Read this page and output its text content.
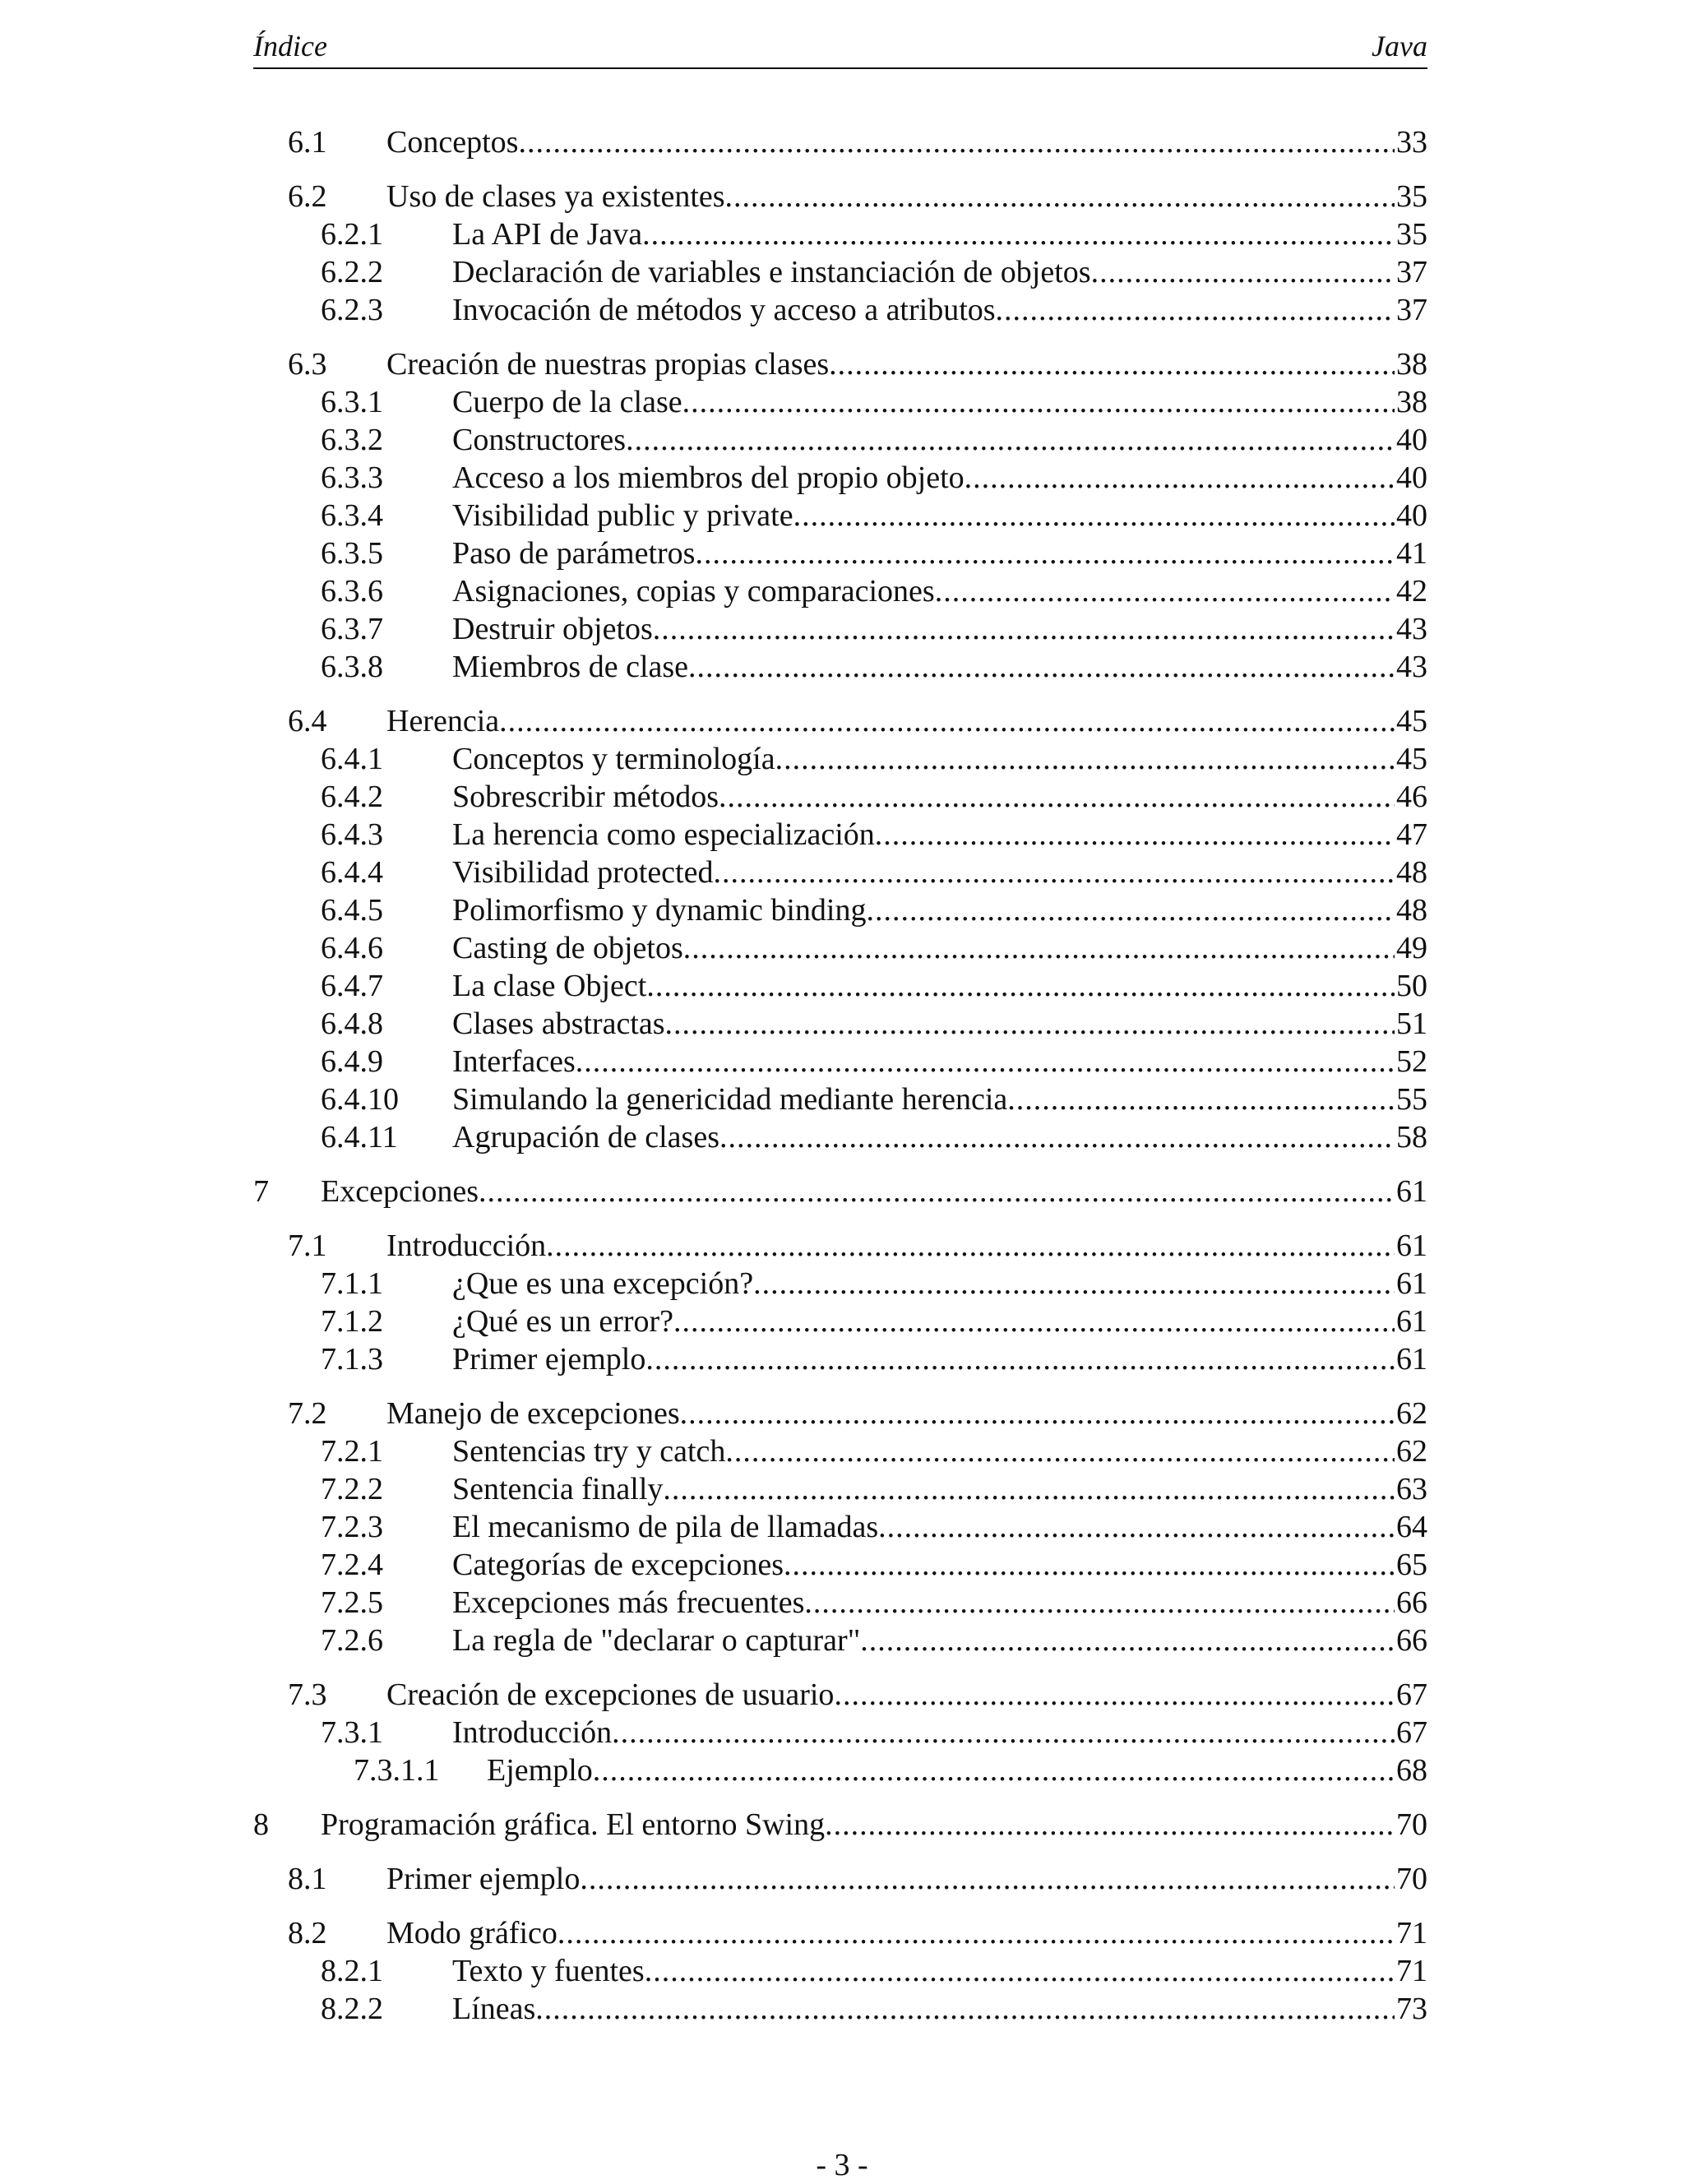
Índice	Java
6.1 Conceptos .....	33
6.2 Uso de clases ya existentes .....	35
6.2.1 La API de Java .....	35
6.2.2 Declaración de variables e instanciación de objetos .....	37
6.2.3 Invocación de métodos y acceso a atributos .....	37
6.3 Creación de nuestras propias clases .....	38
6.3.1 Cuerpo de la clase .....	38
6.3.2 Constructores .....	40
6.3.3 Acceso a los miembros del propio objeto .....	40
6.3.4 Visibilidad public y private .....	40
6.3.5 Paso de parámetros .....	41
6.3.6 Asignaciones, copias y comparaciones .....	42
6.3.7 Destruir objetos .....	43
6.3.8 Miembros de clase .....	43
6.4 Herencia .....	45
6.4.1 Conceptos y terminología .....	45
6.4.2 Sobrescribir métodos .....	46
6.4.3 La herencia como especialización .....	47
6.4.4 Visibilidad protected .....	48
6.4.5 Polimorfismo y dynamic binding .....	48
6.4.6 Casting de objetos .....	49
6.4.7 La clase Object .....	50
6.4.8 Clases abstractas .....	51
6.4.9 Interfaces .....	52
6.4.10 Simulando la genericidad mediante herencia .....	55
6.4.11 Agrupación de clases .....	58
7 Excepciones .....	61
7.1 Introducción .....	61
7.1.1 ¿Que es una excepción? .....	61
7.1.2 ¿Qué es un error? .....	61
7.1.3 Primer ejemplo .....	61
7.2 Manejo de excepciones .....	62
7.2.1 Sentencias try y catch .....	62
7.2.2 Sentencia finally .....	63
7.2.3 El mecanismo de pila de llamadas .....	64
7.2.4 Categorías de excepciones .....	65
7.2.5 Excepciones más frecuentes .....	66
7.2.6 La regla de "declarar o capturar" .....	66
7.3 Creación de excepciones de usuario .....	67
7.3.1 Introducción .....	67
7.3.1.1 Ejemplo .....	68
8 Programación gráfica. El entorno Swing .....	70
8.1 Primer ejemplo .....	70
8.2 Modo gráfico .....	71
8.2.1 Texto y fuentes .....	71
8.2.2 Líneas .....	73
- 3 -
